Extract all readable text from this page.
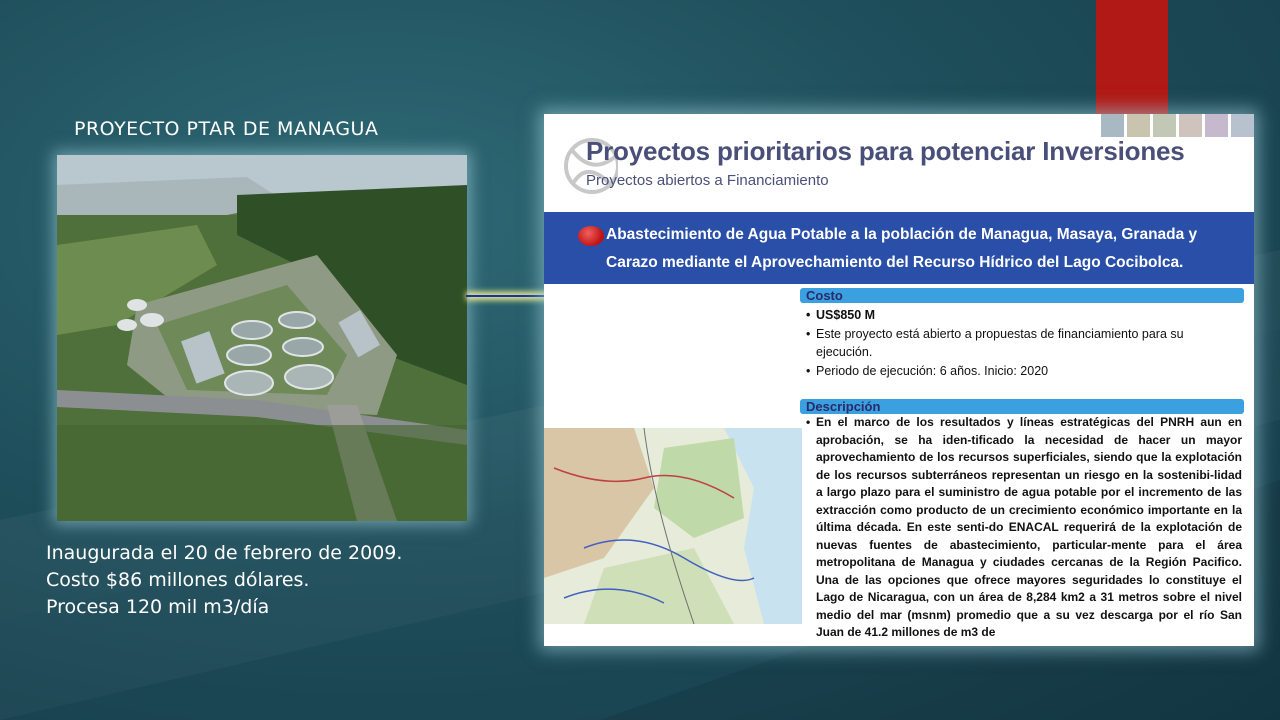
PROYECTO PTAR DE MANAGUA
Inaugurada el 20 de febrero de 2009.
Costo $86 millones dólares.
Procesa 120 mil m3/día
Proyectos prioritarios para potenciar Inversiones
Proyectos abiertos a Financiamiento
Abastecimiento de Agua Potable a la población de Managua, Masaya, Granada y
Carazo mediante el Aprovechamiento del Recurso Hídrico del Lago Cocibolca.
Costo
• US$850 M
• Este proyecto está abierto a propuestas de financiamiento para su
ejecución.
• Periodo de ejecución: 6 años. Inicio: 2020
Descripción
• En el marco de los resultados y líneas estratégicas del PNRH aun en aprobación, se ha iden-tificado la necesidad de hacer un mayor aprovechamiento de los recursos superficiales, siendo que la explotación de los recursos subterráneos representan un riesgo en la sostenibi-lidad a largo plazo para el suministro de agua potable por el incremento de las extracción como producto de un crecimiento económico importante en la última década. En este senti-do ENACAL requerirá de la explotación de nuevas fuentes de abastecimiento, particular-mente para el área metropolitana de Managua y ciudades cercanas de la Región Pacifico. Una de las opciones que ofrece mayores seguridades lo constituye el Lago de Nicaragua, con un área de 8,284 km2 a 31 metros sobre el nivel medio del mar (msnm) promedio que a su vez descarga por el río San Juan de 41.2 millones de m3 de
